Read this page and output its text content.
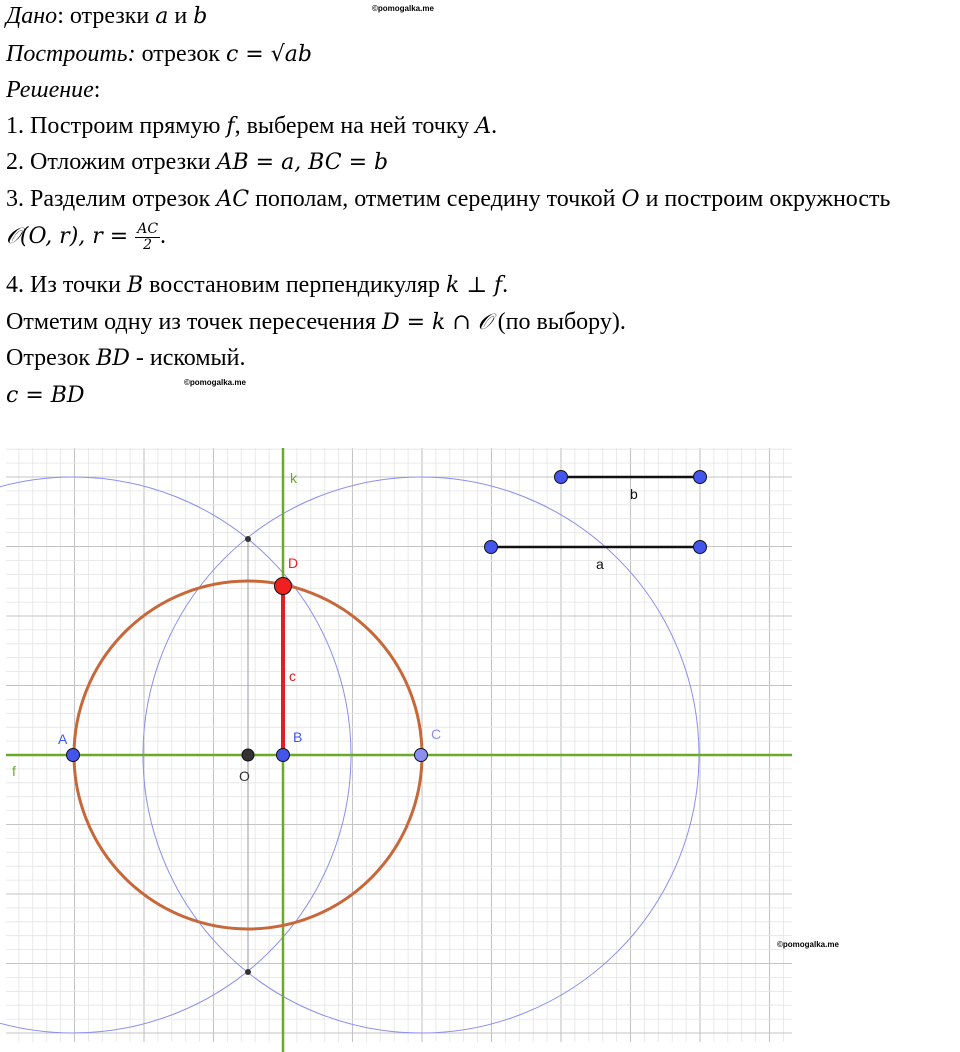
©pomogalka.me
Дано: отрезки a и b
Построить: отрезок c = √ab
Решение:
1. Построим прямую f, выберем на ней точку A.
2. Отложим отрезки AB = a, BC = b
3. Разделим отрезок AC пополам, отметим середину точкой O и построим окружность
𝒪(O, r), $r = \frac{AC}{2}$ .
4. Из точки B восстановим перпендикуляр k ⊥ f.
Отметим одну из точек пересечения D = k ∩ 𝒪 (по выбору).
Отрезок BD - искомый.
©pomogalka.me
c = BD
k
f
A	B	C
D
O
c
b
a
©pomogalka.me
